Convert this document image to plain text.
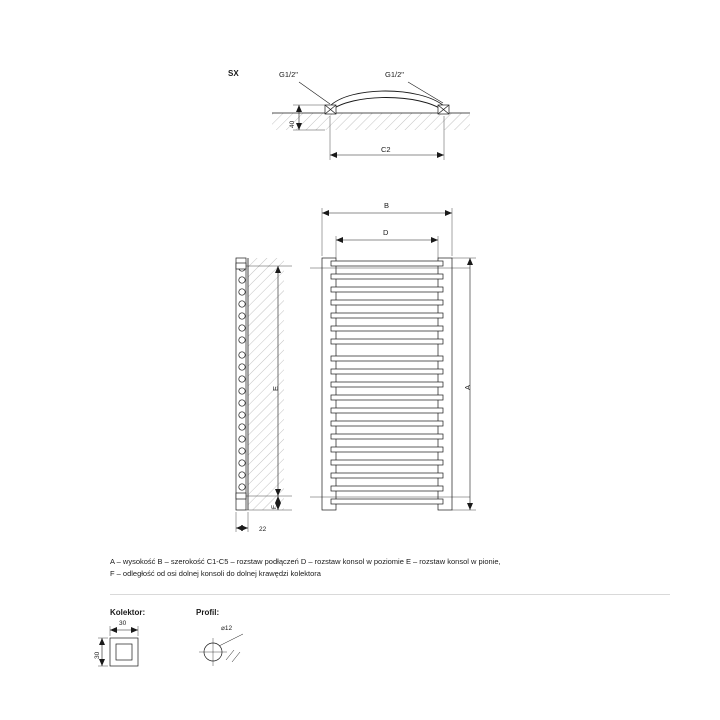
SX	G1/2"	G1/2"
40
C2
B
D
A
E
F
22
A – wysokość B – szerokość C1-C5 – rozstaw podłączeń D – rozstaw konsol w poziomie E – rozstaw konsol w pionie,
F – odległość od osi dolnej konsoli do dolnej krawędzi kolektora
Kolektor:	Profil:
30
30
⌀12
